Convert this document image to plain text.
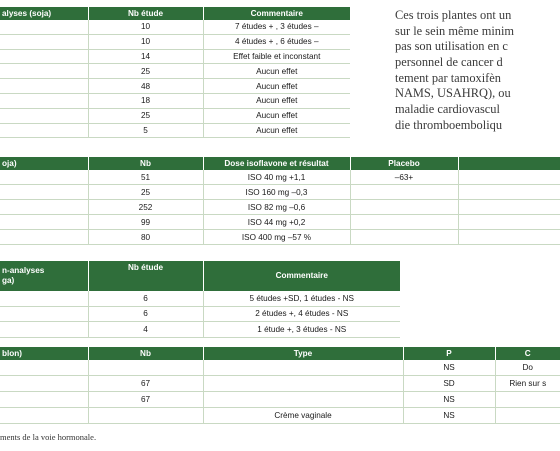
alyses (soja)	Nb étude	Commentaire
	10	7 études + , 3 études –
	10	4 études + , 6 études –
	14	Effet faible et inconstant
	25	Aucun effet
	48	Aucun effet
	18	Aucun effet
	25	Aucun effet
	5	Aucun effet
Ces trois plantes ont un
sur le sein même minim
pas son utilisation en c
personnel de cancer d
tement par tamoxifèn
NAMS, USAHRQ), ou
maladie cardiovascul
die thromboemboliqu
oja)	Nb	Dose isoflavone et résultat	Placebo	
	51	ISO 40 mg +1,1	–63+	
	25	ISO 160 mg –0,3		
	252	ISO 82 mg –0,6		
	99	ISO 44 mg +0,2		
	80	ISO 400 mg –57 %		
n-analyses
ga)	Nb étude	Commentaire
	6	5 études +SD, 1 études - NS
	6	2 études +, 4 études - NS
	4	1 étude +, 3 études - NS
blon)	Nb	Type	P	C
			NS	Do
	67		SD	Rien sur s
	67		NS	
		Crème vaginale	NS	
ments de la voie hormonale.
